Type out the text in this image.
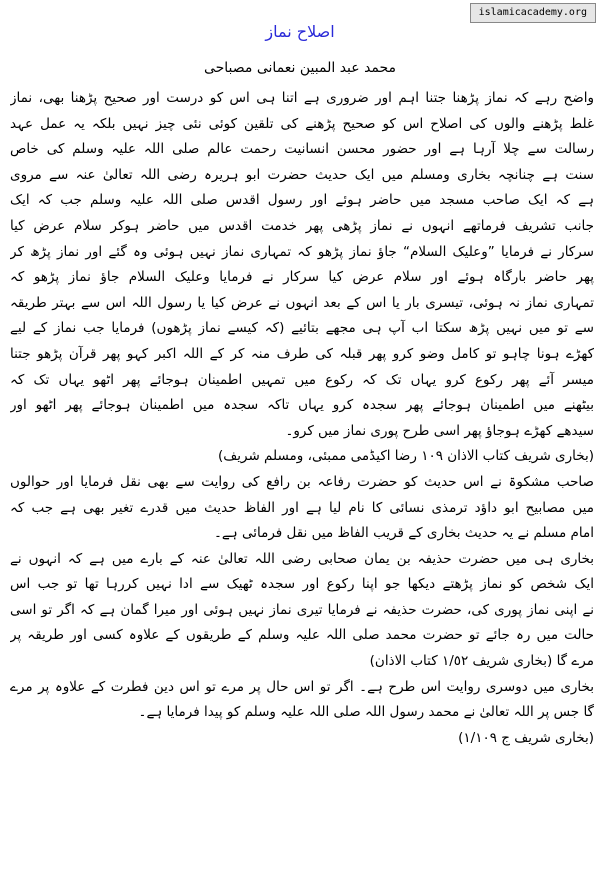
islamicacademy.org
اصلاح نماز
محمد عبد المبین نعمانی مصباحی
واضح رہے کہ نماز پڑھنا جتنا اہم اور ضروری ہے اتنا ہی اس کو درست اور صحیح پڑھنا بھی، نماز
غلط پڑھنے والوں کی اصلاح اس کو صحیح پڑھنے کی تلقین کوئی نئی چیز نہیں بلکہ یہ عمل عہد
رسالت سے چلا آرہا ہے اور حضور محسن انسانیت رحمت عالم صلی اللہ علیہ وسلم کی خاص
سنت ہے چنانچہ بخاری ومسلم میں ایک حدیث حضرت ابو ہریرہ رضی اللہ تعالیٰ عنہ سے مروی
ہے کہ ایک صاحب مسجد میں حاضر ہوئے اور رسول اقدس صلی اللہ علیہ وسلم جب کہ ایک
جانب تشریف فرماتھے انہوں نے نماز پڑھی پھر خدمت اقدس میں حاضر ہوکر سلام عرض کیا
سرکار نے فرمایا ”وعلیک السلام“ جاؤ نماز پڑھو کہ تمہاری نماز نہیں ہوئی وہ گئے اور نماز پڑھ کر
پھر حاضر بارگاہ ہوئے اور سلام عرض کیا سرکار نے فرمایا وعلیک السلام جاؤ نماز پڑھو کہ
تمہاری نماز نہ ہوئی، تیسری بار یا اس کے بعد انہوں نے عرض کیا یا رسول اللہ اس سے بہتر طریقہ
سے تو میں نہیں پڑھ سکتا اب آپ ہی مجھے بتائیے (کہ کیسے نماز پڑھوں) فرمایا جب نماز کے لیے
کھڑے ہونا چاہو تو کامل وضو کرو پھر قبلہ کی طرف منہ کر کے اللہ اکبر کہو پھر قرآن پڑھو جتنا
میسر آئے پھر رکوع کرو یہاں تک کہ رکوع میں تمہیں اطمینان ہوجائے پھر اٹھو یہاں تک کہ
بیٹھنے میں اطمینان ہوجائے پھر سجدہ کرو یہاں تاکہ سجدہ میں اطمینان ہوجائے پھر اٹھو اور
سیدھے کھڑے ہوجاؤ پھر اسی طرح پوری نماز میں کرو۔
(بخاری شریف کتاب الاذان ١٠٩ رضا اکیڈمی ممبئی، ومسلم شریف)
صاحب مشکوۃ نے اس حدیث کو حضرت رفاعہ بن رافع کی روایت سے بھی نقل فرمایا اور حوالوں
میں مصابیح ابو داؤد ترمذی نسائی کا نام لیا ہے اور الفاظ حدیث میں قدرے تغیر بھی ہے جب کہ
امام مسلم نے یہ حدیث بخاری کے قریب الفاظ میں نقل فرمائی ہے۔
بخاری ہی میں حضرت حذیفہ بن یمان صحابی رضی اللہ تعالیٰ عنہ کے بارے میں ہے کہ انہوں نے
ایک شخص کو نماز پڑھتے دیکھا جو اپنا رکوع اور سجدہ ٹھیک سے ادا نہیں کررہا تھا تو جب اس
نے اپنی نماز پوری کی، حضرت حذیفہ نے فرمایا تیری نماز نہیں ہوئی اور میرا گمان ہے کہ اگر تو اسی
حالت میں رہ جائے تو حضرت محمد صلی اللہ علیہ وسلم کے طریقوں کے علاوہ کسی اور طریقہ پر
مرے گا (بخاری شریف ١/٥٢ کتاب الاذان)
بخاری میں دوسری روایت اس طرح ہے۔ اگر تو اس حال پر مرے تو اس دین فطرت کے علاوہ پر مرے
گا جس پر اللہ تعالیٰ نے محمد رسول اللہ صلی اللہ علیہ وسلم کو پیدا فرمایا ہے۔
(بخاری شریف ج ١/١٠٩)
